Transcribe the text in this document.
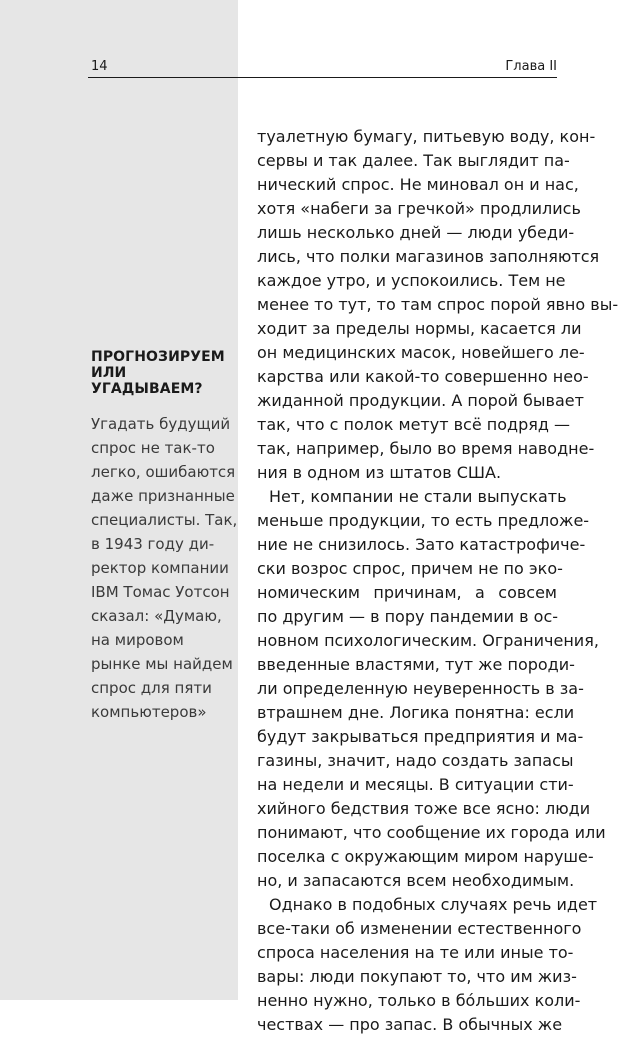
14	Глава II
ПРОГНОЗИРУЕМ
ИЛИ
УГАДЫВАЕМ?
Угадать будущий
спрос не так-то
легко, ошибаются
даже признанные
специалисты. Так,
в 1943 году ди-
ректор компании
IBM Томас Уотсон
сказал: «Думаю,
на мировом
рынке мы найдем
спрос для пяти
компьютеров»
туалетную бумагу, питьевую воду, кон-
сервы и так далее. Так выглядит па-
нический спрос. Не миновал он и нас,
хотя «набеги за гречкой» продлились
лишь несколько дней — люди убеди-
лись, что полки магазинов заполняются
каждое утро, и успокоились. Тем не
менее то тут, то там спрос порой явно вы-
ходит за пределы нормы, касается ли
он медицинских масок, новейшего ле-
карства или какой-то совершенно нео-
жиданной продукции. А порой бывает
так, что с полок метут всё подряд —
так, например, было во время наводне-
ния в одном из штатов США.
Нет, компании не стали выпускать
меньше продукции, то есть предложе-
ние не снизилось. Зато катастрофиче-
ски возрос спрос, причем не по эко-
номическим причинам, а совсем
по другим — в пору пандемии в ос-
новном психологическим. Ограничения,
введенные властями, тут же породи-
ли определенную неуверенность в за-
втрашнем дне. Логика понятна: если
будут закрываться предприятия и ма-
газины, значит, надо создать запасы
на недели и месяцы. В ситуации сти-
хийного бедствия тоже все ясно: люди
понимают, что сообщение их города или
поселка с окружающим миром наруше-
но, и запасаются всем необходимым.
Однако в подобных случаях речь идет
все-таки об изменении естественного
спроса населения на те или иные то-
вары: люди покупают то, что им жиз-
ненно нужно, только в бóльших коли-
чествах — про запас. В обычных же
